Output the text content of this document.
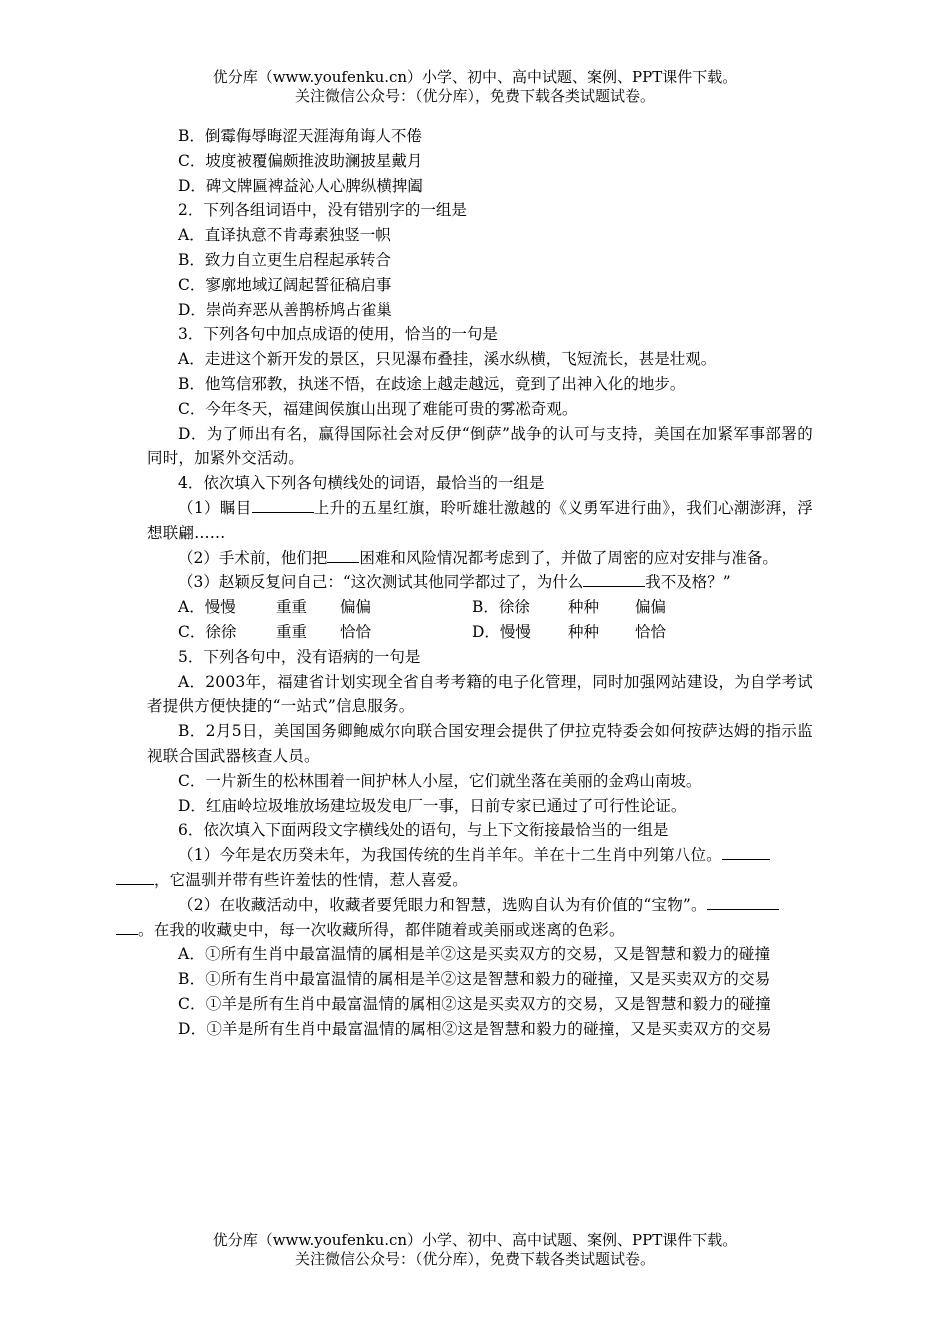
优分库（www.youfenku.cn）小学、初中、高中试题、案例、PPT课件下载。
关注微信公众号：（优分库），免费下载各类试题试卷。

B．倒霉侮辱晦涩天涯海角诲人不倦

C．坡度被覆偏颇推波助澜披星戴月

D．碑文牌匾裨益沁人心脾纵横捭阖

2．下列各组词语中，没有错别字的一组是

A．直译执意不肯毒素独竖一帜

B．致力自立更生启程起承转合

C．寥廓地域辽阔起誓征稿启事

D．崇尚弃恶从善鹊桥鸠占雀巢

3．下列各句中加点成语的使用，恰当的一句是

A．走进这个新开发的景区，只见瀑布叠挂，溪水纵横，飞短流长，甚是壮观。

B．他笃信邪教，执迷不悟，在歧途上越走越远，竟到了出神入化的地步。

C．今年冬天，福建闽侯旗山出现了难能可贵的雾凇奇观。

D．为了师出有名，赢得国际社会对反伊“倒萨”战争的认可与支持，美国在加紧军事部署的同时，加紧外交活动。

4．依次填入下列各句横线处的词语，最恰当的一组是

（1）瞩目	上升的五星红旗，聆听雄壮激越的《义勇军进行曲》，我们心潮澎湃，浮想联翩……

（2）手术前，他们把 困难和风险情况都考虑到了，并做了周密的应对安排与准备。

（3）赵颖反复问自己：“这次测试其他同学都过了，为什么	我不及格？”

A．慢慢	重重 偏偏	B．徐徐 种种 偏偏
C．徐徐	重重 恰恰	D．慢慢 种种 恰恰

5．下列各句中，没有语病的一句是

A．2003年，福建省计划实现全省自考考籍的电子化管理，同时加强网站建设，为自学考试者提供方便快捷的“一站式”信息服务。

B．2月5日，美国国务卿鲍威尔向联合国安理会提供了伊拉克特委会如何按萨达姆的指示监视联合国武器核查人员。

C．一片新生的松林围着一间护林人小屋，它们就坐落在美丽的金鸡山南坡。

D．红庙岭垃圾堆放场建垃圾发电厂一事，日前专家已通过了可行性论证。

6．依次填入下面两段文字横线处的语句，与上下文衔接最恰当的一组是

（1）今年是农历癸未年，为我国传统的生肖羊年。羊在十二生肖中列第八位。
，它温驯并带有些许羞怯的性情，惹人喜爱。

（2）在收藏活动中，收藏者要凭眼力和智慧，选购自认为有价值的“宝物”。
。在我的收藏史中，每一次收藏所得，都伴随着或美丽或迷离的色彩。

A．①所有生肖中最富温情的属相是羊②这是买卖双方的交易，又是智慧和毅力的碰撞

B．①所有生肖中最富温情的属相是羊②这是智慧和毅力的碰撞，又是买卖双方的交易

C．①羊是所有生肖中最富温情的属相②这是买卖双方的交易，又是智慧和毅力的碰撞

D．①羊是所有生肖中最富温情的属相②这是智慧和毅力的碰撞，又是买卖双方的交易

优分库（www.youfenku.cn）小学、初中、高中试题、案例、PPT课件下载。
关注微信公众号：（优分库），免费下载各类试题试卷。
